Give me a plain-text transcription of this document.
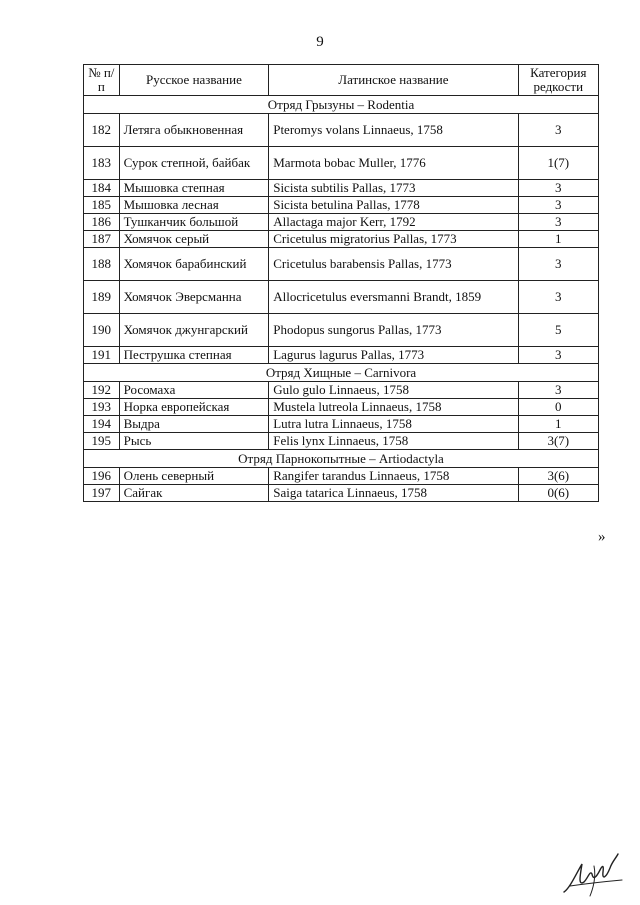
9
№ п/п	Русское название	Латинское название	Категория редкости
Отряд Грызуны – Rodentia			
182	Летяга обыкновенная	Pteromys volans Linnaeus, 1758	3
183	Сурок степной, байбак	Marmota bobac Muller, 1776	1(7)
184	Мышовка степная	Sicista subtilis Pallas, 1773	3
185	Мышовка лесная	Sicista betulina Pallas, 1778	3
186	Тушканчик большой	Allactaga major Kerr, 1792	3
187	Хомячок серый	Cricetulus migratorius Pallas, 1773	1
188	Хомячок барабинский	Cricetulus barabensis Pallas, 1773	3
189	Хомячок Эверсманна	Allocricetulus eversmanni Brandt, 1859	3
190	Хомячок джунгарский	Phodopus sungorus Pallas, 1773	5
191	Пеструшка степная	Lagurus lagurus Pallas, 1773	3
Отряд Хищные – Carnivora			
192	Росомаха	Gulo gulo Linnaeus, 1758	3
193	Норка европейская	Mustela lutreola Linnaeus, 1758	0
194	Выдра	Lutra lutra Linnaeus, 1758	1
195	Рысь	Felis lynx Linnaeus, 1758	3(7)
Отряд Парнокопытные – Artiodactyla			
196	Олень северный	Rangifer tarandus Linnaeus, 1758	3(6)
197	Сайгак	Saiga tatarica Linnaeus, 1758	0(6)
»
